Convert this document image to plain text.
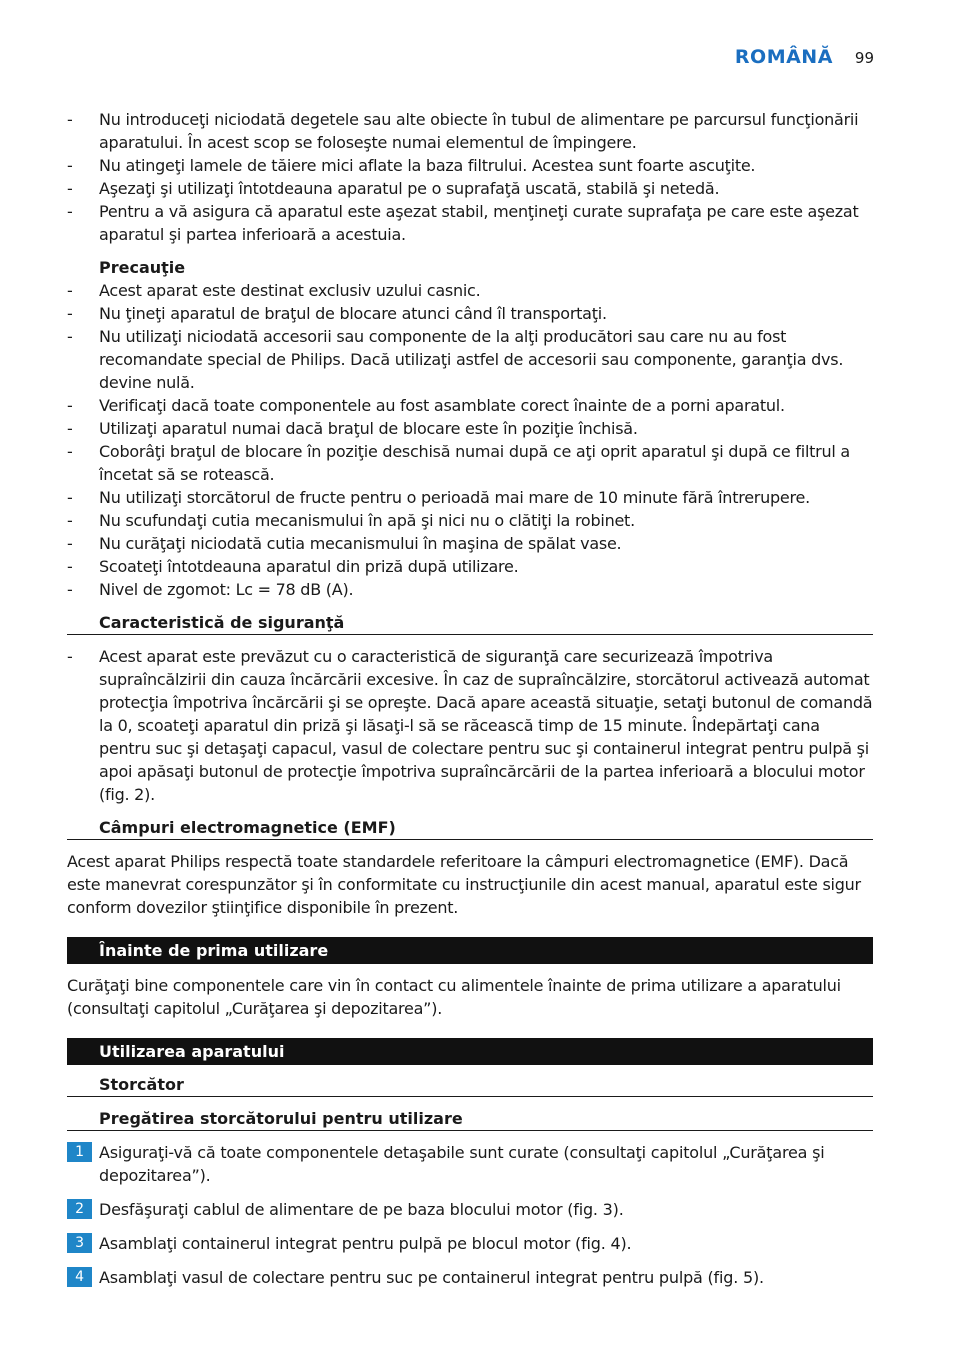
ROMÂNĂ 99

- Nu introduceţi niciodată degetele sau alte obiecte în tubul de alimentare pe parcursul funcţionării aparatului. În acest scop se foloseşte numai elementul de împingere.

- Nu atingeţi lamele de tăiere mici aflate la baza filtrului. Acestea sunt foarte ascuţite.

- Aşezaţi şi utilizaţi întotdeauna aparatul pe o suprafaţă uscată, stabilă şi netedă.

- Pentru a vă asigura că aparatul este aşezat stabil, menţineţi curate suprafaţa pe care este aşezat aparatul şi partea inferioară a acestuia.

Precauţie

- Acest aparat este destinat exclusiv uzului casnic.

- Nu ţineţi aparatul de braţul de blocare atunci când îl transportaţi.

- Nu utilizaţi niciodată accesorii sau componente de la alţi producători sau care nu au fost recomandate special de Philips. Dacă utilizaţi astfel de accesorii sau componente, garanţia dvs. devine nulă.

- Verificaţi dacă toate componentele au fost asamblate corect înainte de a porni aparatul.

- Utilizaţi aparatul numai dacă braţul de blocare este în poziţie închisă.

- Coborâţi braţul de blocare în poziţie deschisă numai după ce aţi oprit aparatul şi după ce filtrul a încetat să se rotească.

- Nu utilizaţi storcătorul de fructe pentru o perioadă mai mare de 10 minute fără întrerupere.

- Nu scufundaţi cutia mecanismului în apă şi nici nu o clătiţi la robinet.

- Nu curăţaţi niciodată cutia mecanismului în maşina de spălat vase.

- Scoateţi întotdeauna aparatul din priză după utilizare.

- Nivel de zgomot: Lc = 78 dB (A).

Caracteristică de siguranţă

- Acest aparat este prevăzut cu o caracteristică de siguranţă care securizează împotriva supraîncălzirii din cauza încărcării excesive. În caz de supraîncălzire, storcătorul activează automat protecţia împotriva încărcării şi se opreşte. Dacă apare această situaţie, setaţi butonul de comandă la 0, scoateţi aparatul din priză şi lăsaţi-l să se răcească timp de 15 minute. Îndepărtaţi cana pentru suc şi detaşaţi capacul, vasul de colectare pentru suc şi containerul integrat pentru pulpă şi apoi apăsaţi butonul de protecţie împotriva supraîncărcării de la partea inferioară a blocului motor (fig. 2).

Câmpuri electromagnetice (EMF)

Acest aparat Philips respectă toate standardele referitoare la câmpuri electromagnetice (EMF). Dacă este manevrat corespunzător şi în conformitate cu instrucţiunile din acest manual, aparatul este sigur conform dovezilor ştiinţifice disponibile în prezent.

Înainte de prima utilizare

Curăţaţi bine componentele care vin în contact cu alimentele înainte de prima utilizare a aparatului (consultaţi capitolul „Curăţarea şi depozitarea”).

Utilizarea aparatului
Storcător
Pregătirea storcătorului pentru utilizare
1 Asiguraţi-vă că toate componentele detaşabile sunt curate (consultaţi capitolul „Curăţarea şi depozitarea”).
2 Desfăşuraţi cablul de alimentare de pe baza blocului motor (fig. 3).
3 Asamblaţi containerul integrat pentru pulpă pe blocul motor (fig. 4).
4 Asamblaţi vasul de colectare pentru suc pe containerul integrat pentru pulpă (fig. 5).
